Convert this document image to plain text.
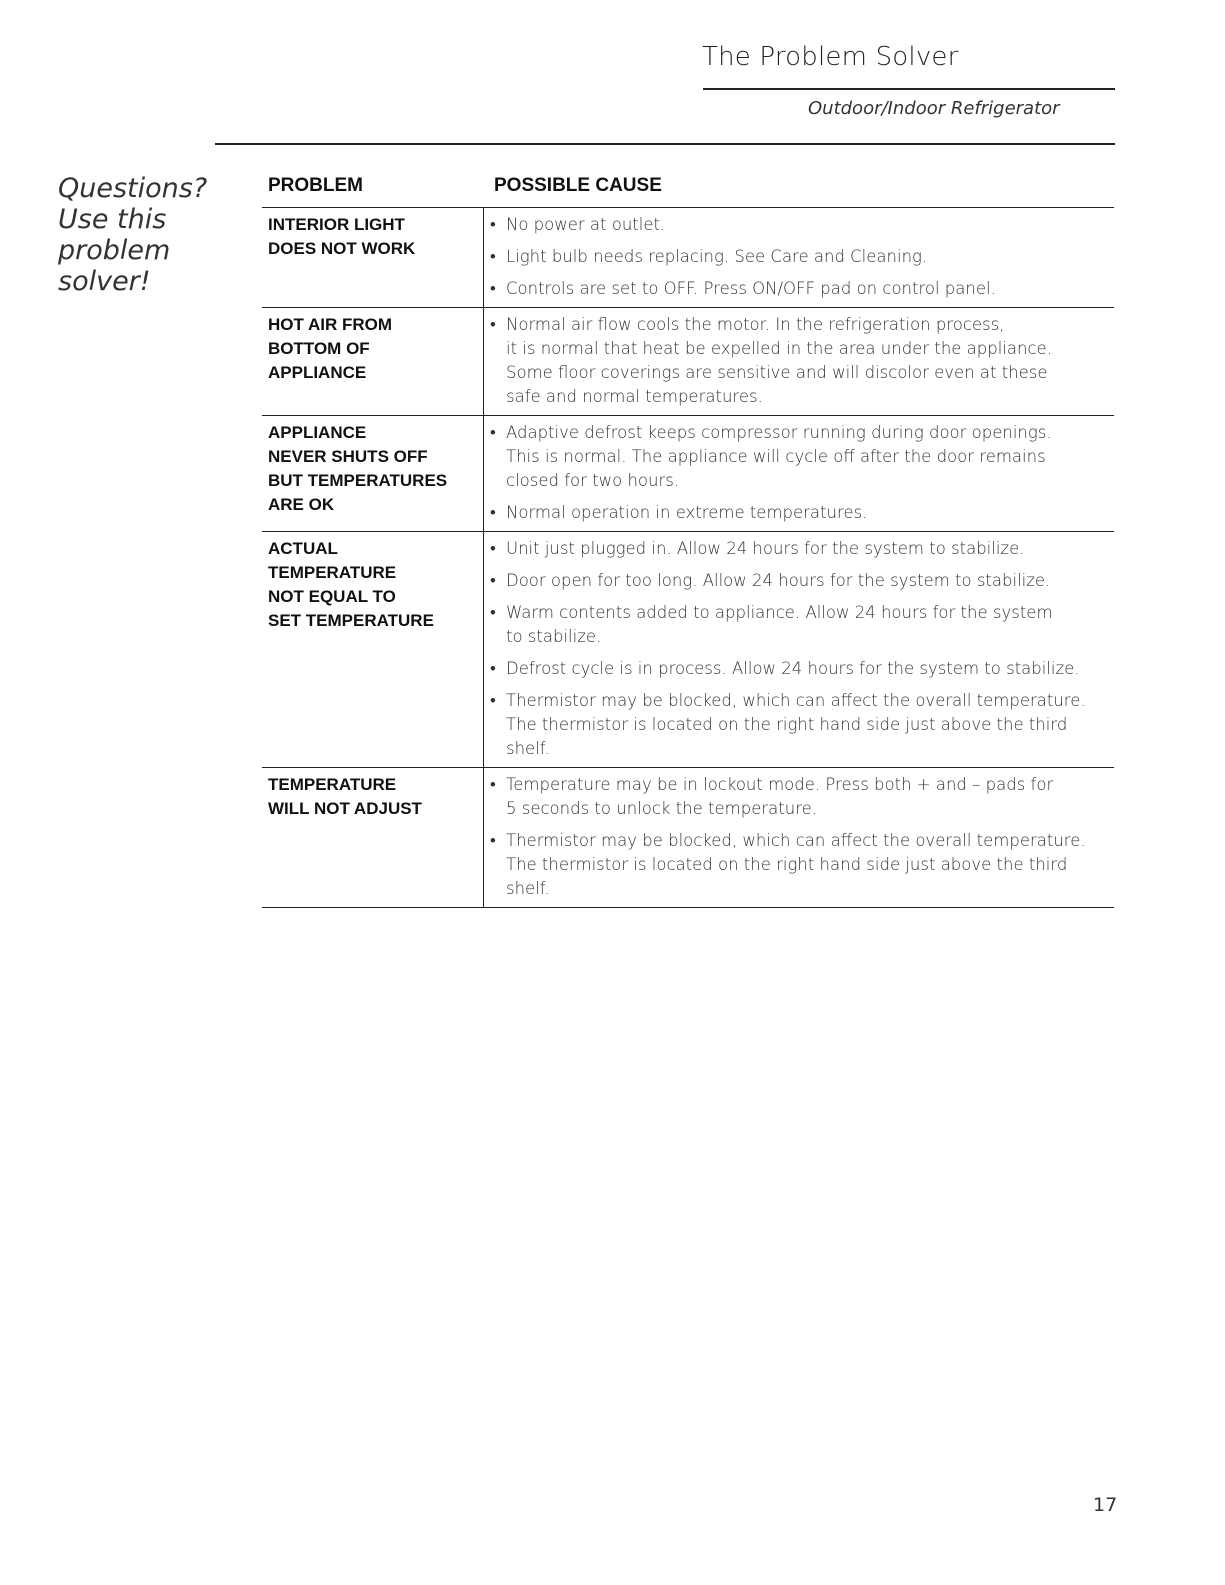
The Problem Solver
Outdoor/Indoor Refrigerator
Questions?
Use this
problem
solver!
PROBLEM	POSSIBLE CAUSE
INTERIOR LIGHT
DOES NOT WORK
• No power at outlet.
• Light bulb needs replacing. See Care and Cleaning.
• Controls are set to OFF. Press ON/OFF pad on control panel.
HOT AIR FROM
BOTTOM OF
APPLIANCE
• Normal air flow cools the motor. In the refrigeration process,
it is normal that heat be expelled in the area under the appliance.
Some floor coverings are sensitive and will discolor even at these
safe and normal temperatures.
APPLIANCE
NEVER SHUTS OFF
BUT TEMPERATURES
ARE OK
• Adaptive defrost keeps compressor running during door openings.
This is normal. The appliance will cycle off after the door remains
closed for two hours.
• Normal operation in extreme temperatures.
ACTUAL
TEMPERATURE
NOT EQUAL TO
SET TEMPERATURE
• Unit just plugged in. Allow 24 hours for the system to stabilize.
• Door open for too long. Allow 24 hours for the system to stabilize.
• Warm contents added to appliance. Allow 24 hours for the system
to stabilize.
• Defrost cycle is in process. Allow 24 hours for the system to stabilize.
• Thermistor may be blocked, which can affect the overall temperature.
The thermistor is located on the right hand side just above the third shelf.
TEMPERATURE
WILL NOT ADJUST
• Temperature may be in lockout mode. Press both + and – pads for
5 seconds to unlock the temperature.
• Thermistor may be blocked, which can affect the overall temperature.
The thermistor is located on the right hand side just above the third shelf.
17
